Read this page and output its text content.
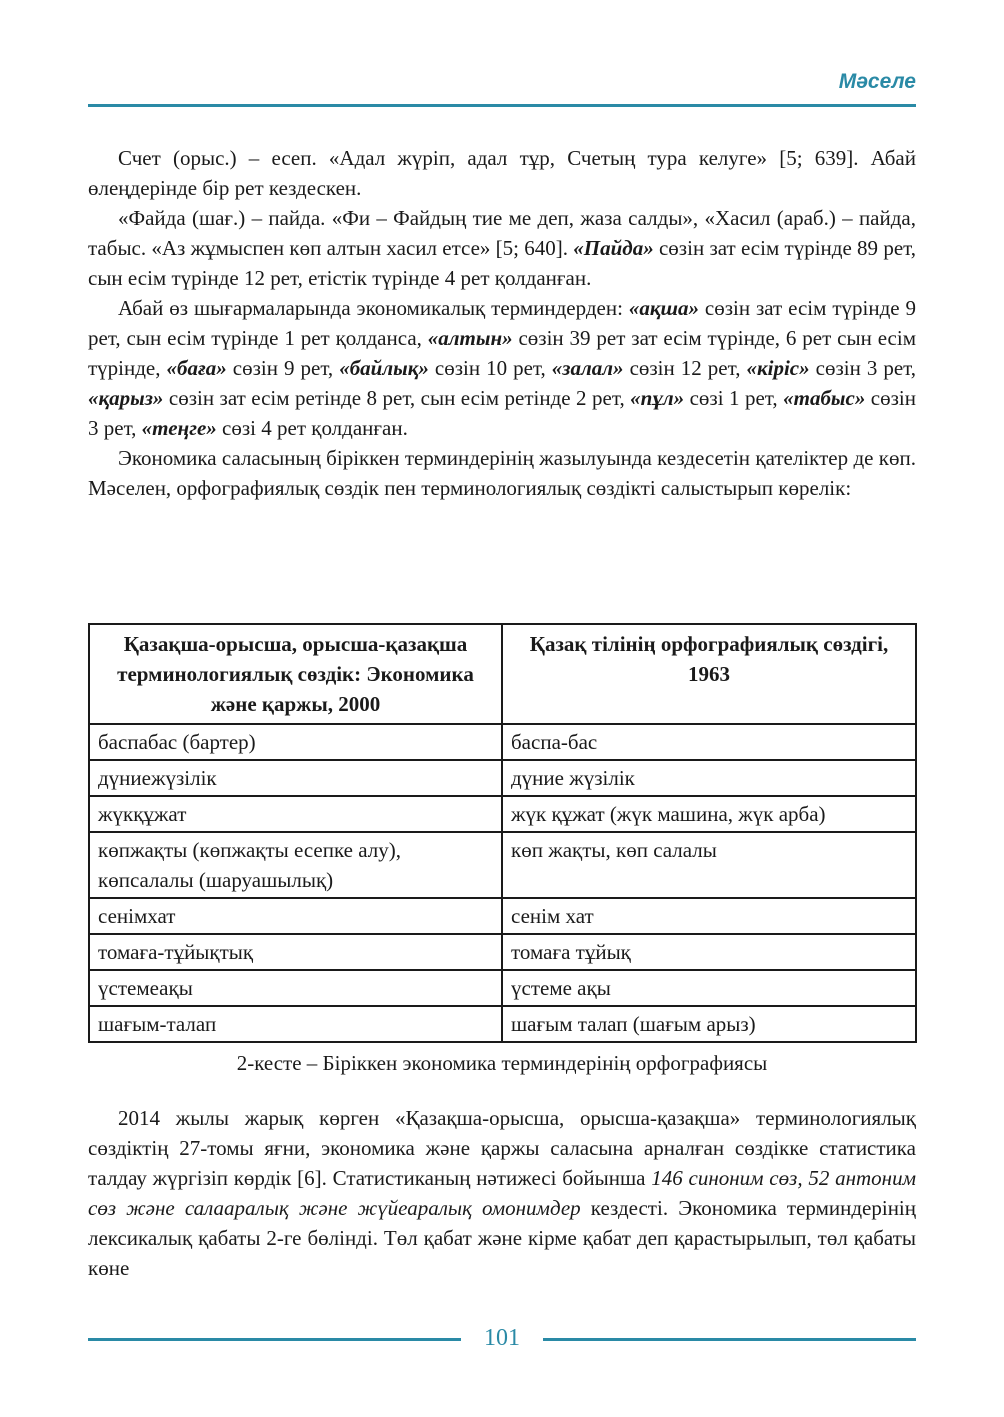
Мәселе

Счет (орыс.) – есеп. «Адал жүріп, адал тұр, Счетың тура келуге» [5; 639]. Абай өлеңдерінде бір рет кездескен.

«Файда (шағ.) – пайда. «Фи – Файдың тие ме деп, жаза салды», «Хасил (араб.) – пайда, табыс. «Аз жұмыспен көп алтын хасил етсе» [5; 640]. «Пайда» сөзін зат есім түрінде 89 рет, сын есім түрінде 12 рет, етістік түрінде 4 рет қолданған.

Абай өз шығармаларында экономикалық терминдерден: «ақша» сөзін зат есім түрінде 9 рет, сын есім түрінде 1 рет қолданса, «алтын» сөзін 39 рет зат есім түрінде, 6 рет сын есім түрінде, «баға» сөзін 9 рет, «байлық» сөзін 10 рет, «залал» сөзін 12 рет, «кіріс» сөзін 3 рет, «қарыз» сөзін зат есім ретінде 8 рет, сын есім ретінде 2 рет, «пұл» сөзі 1 рет, «табыс» сөзін 3 рет, «теңге» сөзі 4 рет қолданған.

Экономика саласының біріккен терминдерінің жазылуында кездесетін қателіктер де көп. Мәселен, орфографиялық сөздік пен терминологиялық сөздікті салыстырып көрелік:

Қазақша-орысша, орысша-қазақша терминологиялық сөздік: Экономика және қаржы, 2000	Қазақ тілінің орфографиялық сөздігі, 1963
баспабас (бартер)	баспа-бас
дүниежүзілік	дүние жүзілік
жүкқұжат	жүк құжат (жүк машина, жүк арба)
көпжақты (көпжақты есепке алу), көпсалалы (шаруашылық)	көп жақты, көп салалы
сенімхат	сенім хат
томаға-тұйықтық	томаға тұйық
үстемеақы	үстеме ақы
шағым-талап	шағым талап (шағым арыз)
2-кесте – Біріккен экономика терминдерінің орфографиясы

2014 жылы жарық көрген «Қазақша-орысша, орысша-қазақша» терминологиялық сөздіктің 27-томы яғни, экономика және қаржы саласына арналған сөздікке статистика талдау жүргізіп көрдік [6]. Статистиканың нәтижесі бойынша 146 синоним сөз, 52 антоним сөз және салааралық және жүйеаралық омонимдер кездесті. Экономика терминдерінің лексикалық қабаты 2-ге бөлінді. Төл қабат және кірме қабат деп қарастырылып, төл қабаты көне

101
